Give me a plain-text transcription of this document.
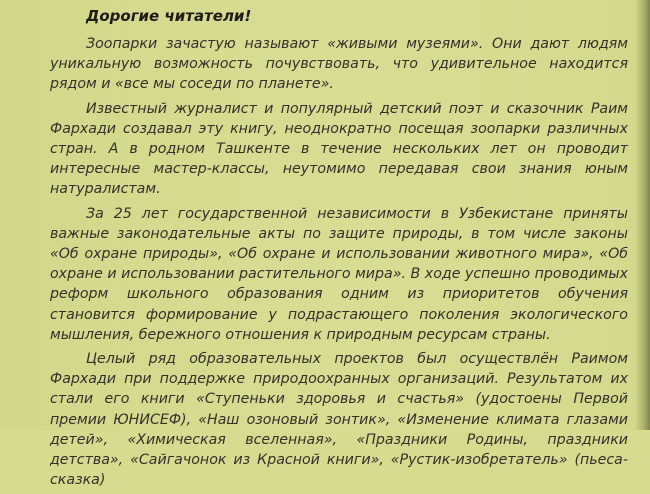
Дорогие читатели!

Зоопарки зачастую называют «живыми музеями». Они дают людям уникальную возможность почувствовать, что удивительное находится рядом и «все мы соседи по планете».

Известный журналист и популярный детский поэт и сказочник Раим Фархади создавал эту книгу, неоднократно посещая зоопарки различных стран. А в родном Ташкенте в течение нескольких лет он проводит интересные мастер-классы, неутомимо передавая свои знания юным натуралистам.

За 25 лет государственной независимости в Узбекистане приняты важные законодательные акты по защите природы, в том числе законы «Об охране природы», «Об охране и использовании животного мира», «Об охране и использовании растительного мира». В ходе успешно проводимых реформ школьного образования одним из приоритетов обучения становится формирование у подрастающего поколения экологического мышления, бережного отношения к природным ресурсам страны.

Целый ряд образовательных проектов был осуществлён Раимом Фархади при поддержке природоохранных организаций. Результатом их стали его книги «Ступеньки здоровья и счастья» (удостоены Первой премии ЮНИСЕФ), «Наш озоновый зонтик», «Изменение климата глазами детей», «Химическая вселенная», «Праздники Родины, праздники детства», «Сайгачонок из Красной книги», «Рустик-изобретатель» (пьеса-сказка)
